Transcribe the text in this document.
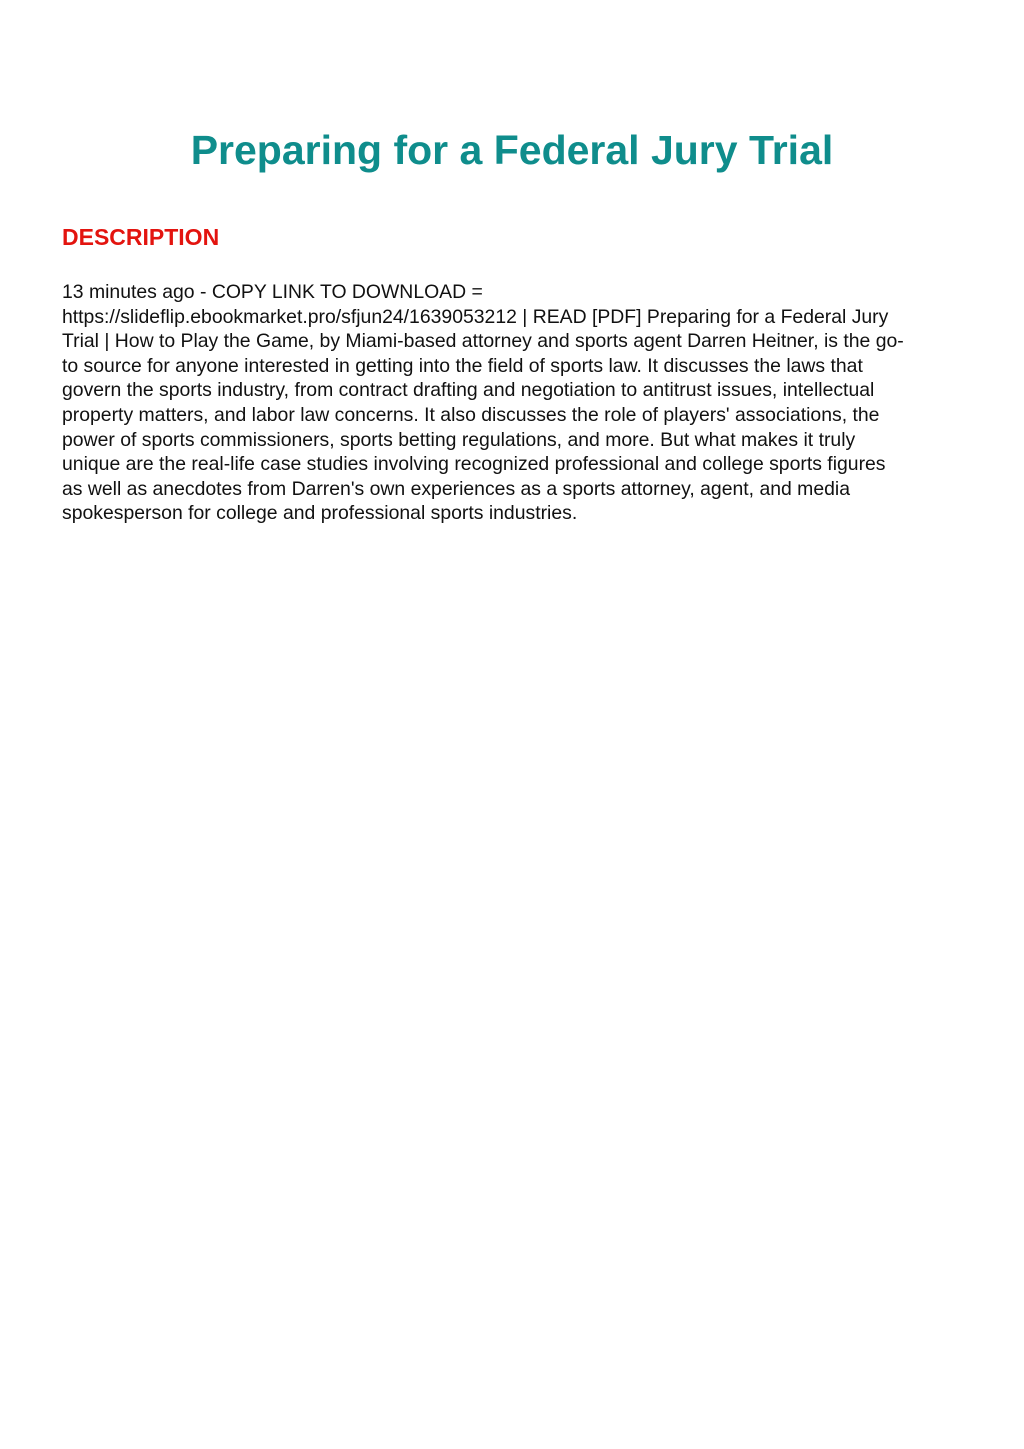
Preparing for a Federal Jury Trial
DESCRIPTION

13 minutes ago - COPY LINK TO DOWNLOAD =
https://slideflip.ebookmarket.pro/sfjun24/1639053212 | READ [PDF] Preparing for a Federal Jury
Trial | How to Play the Game, by Miami-based attorney and sports agent Darren Heitner, is the go-
to source for anyone interested in getting into the field of sports law. It discusses the laws that
govern the sports industry, from contract drafting and negotiation to antitrust issues, intellectual
property matters, and labor law concerns. It also discusses the role of players' associations, the
power of sports commissioners, sports betting regulations, and more. But what makes it truly
unique are the real-life case studies involving recognized professional and college sports figures
as well as anecdotes from Darren's own experiences as a sports attorney, agent, and media
spokesperson for college and professional sports industries.
